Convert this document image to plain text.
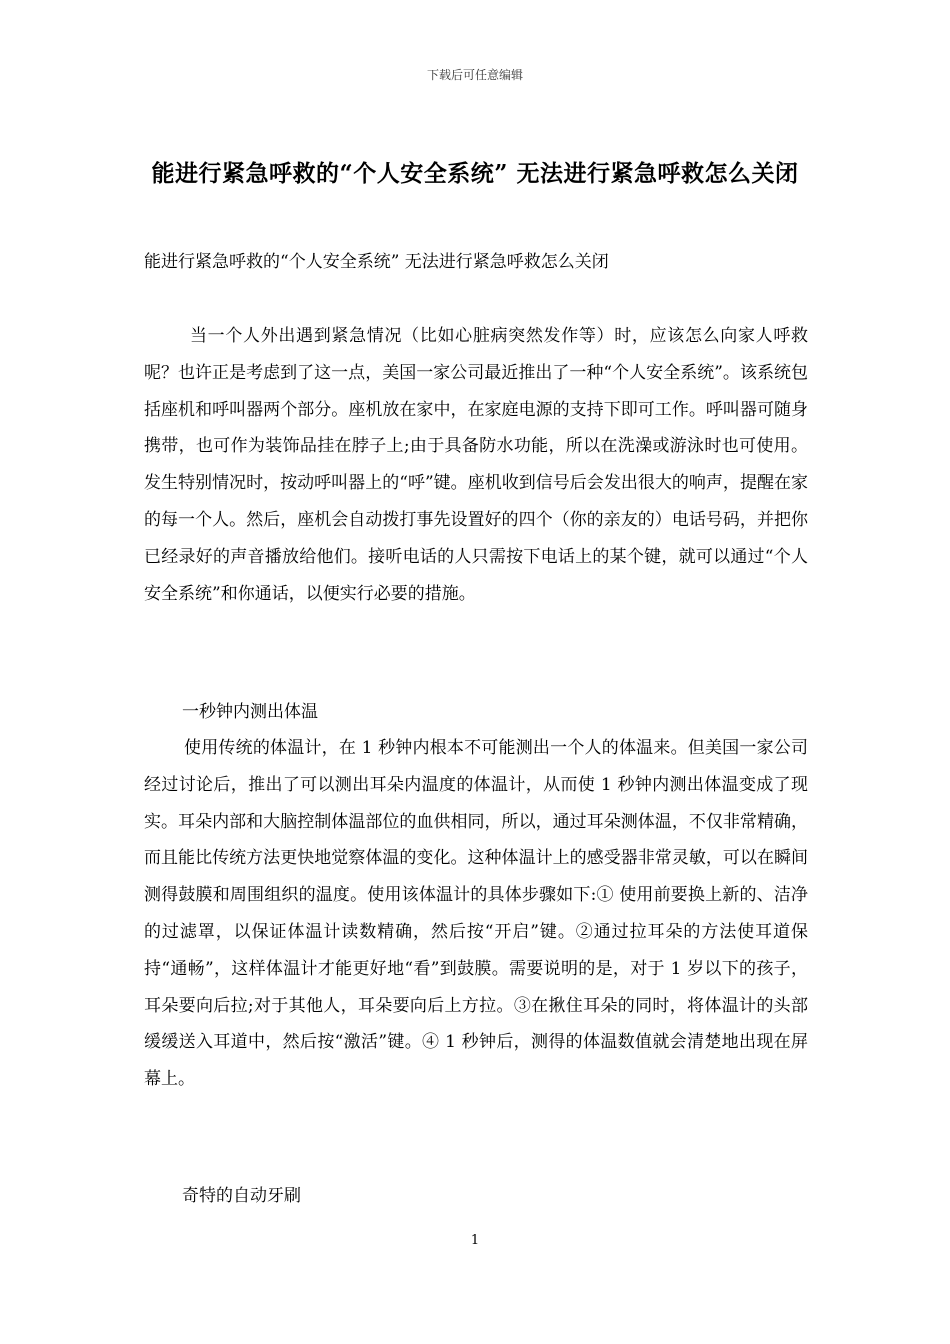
下载后可任意编辑
能进行紧急呼救的“个人安全系统” 无法进行紧急呼救怎么关闭
能进行紧急呼救的“个人安全系统” 无法进行紧急呼救怎么关闭
当一个人外出遇到紧急情况（比如心脏病突然发作等）时，应该怎么向家人呼救呢？也许正是考虑到了这一点，美国一家公司最近推出了一种“个人安全系统”。该系统包括座机和呼叫器两个部分。座机放在家中，在家庭电源的支持下即可工作。呼叫器可随身携带，也可作为装饰品挂在脖子上;由于具备防水功能，所以在洗澡或游泳时也可使用。发生特别情况时，按动呼叫器上的“呼”键。座机收到信号后会发出很大的响声，提醒在家的每一个人。然后，座机会自动拨打事先设置好的四个（你的亲友的）电话号码，并把你已经录好的声音播放给他们。接听电话的人只需按下电话上的某个键，就可以通过“个人安全系统”和你通话，以便实行必要的措施。
一秒钟内测出体温
使用传统的体温计，在 1 秒钟内根本不可能测出一个人的体温来。但美国一家公司经过讨论后，推出了可以测出耳朵内温度的体温计，从而使 1 秒钟内测出体温变成了现实。耳朵内部和大脑控制体温部位的血供相同，所以，通过耳朵测体温，不仅非常精确，而且能比传统方法更快地觉察体温的变化。这种体温计上的感受器非常灵敏，可以在瞬间测得鼓膜和周围组织的温度。使用该体温计的具体步骤如下:① 使用前要换上新的、洁净的过滤罩，以保证体温计读数精确，然后按“开启”键。②通过拉耳朵的方法使耳道保持“通畅”，这样体温计才能更好地“看”到鼓膜。需要说明的是，对于 1 岁以下的孩子，耳朵要向后拉;对于其他人，耳朵要向后上方拉。③在揪住耳朵的同时，将体温计的头部缓缓送入耳道中，然后按“激活”键。④ 1 秒钟后，测得的体温数值就会清楚地出现在屏幕上。
奇特的自动牙刷
1
